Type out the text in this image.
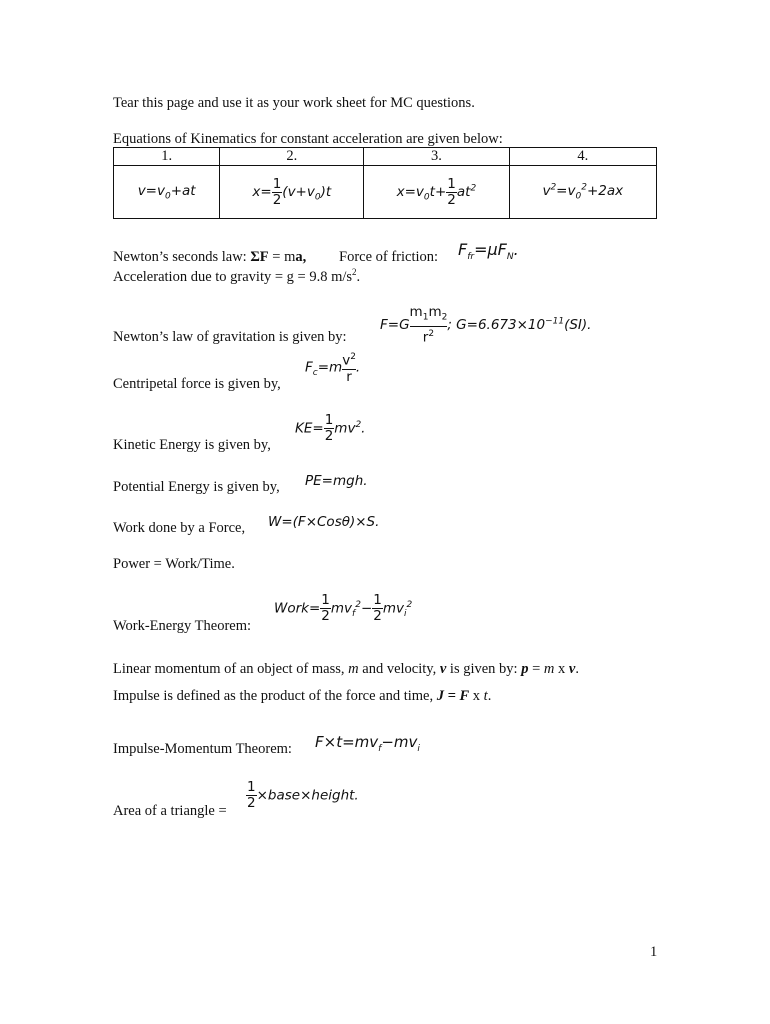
Tear this page and use it as your work sheet for MC questions.
Equations of Kinematics for constant acceleration are given below:
1.	2.	3.	4.
$v=v_0+at$	$x= \frac{1}{2} (v+v_0)t$	$x=v_0t+ \frac{1}{2} at^2$	$v^2=v_0^2+2ax$
Newton’s seconds law: ΣF = ma, Force of friction: $F_{fr}=\mu F_N$.
Acceleration due to gravity = g = 9.8 $m/s^2$.
$F=G \frac{m_1m_2}{r^2}$ ; $G=6.673\times 10^{-11}(SI)$.
Newton’s law of gravitation is given by:
$F_c=m \frac{v^2}{r}$ .
Centripetal force is given by,
$KE= \frac{1}{2} mv^2$.
Kinetic Energy is given by,
PE=mgh.
Potential Energy is given by,
W=(F×Cosθ)×S.
Work done by a Force,
Power = Work/Time.
Work= $\frac{1}{2} mv_f^2- \frac{1}{2} mv_i^2$
Work-Energy Theorem:
Linear momentum of an object of mass, m and velocity, v is given by: p = m x v.
Impulse is defined as the product of the force and time, J = F x t.
$F\times t=mv_f-mv_i$
Impulse-Momentum Theorem:
$\frac{1}{2}$ ×base×height.
Area of a triangle =
1
